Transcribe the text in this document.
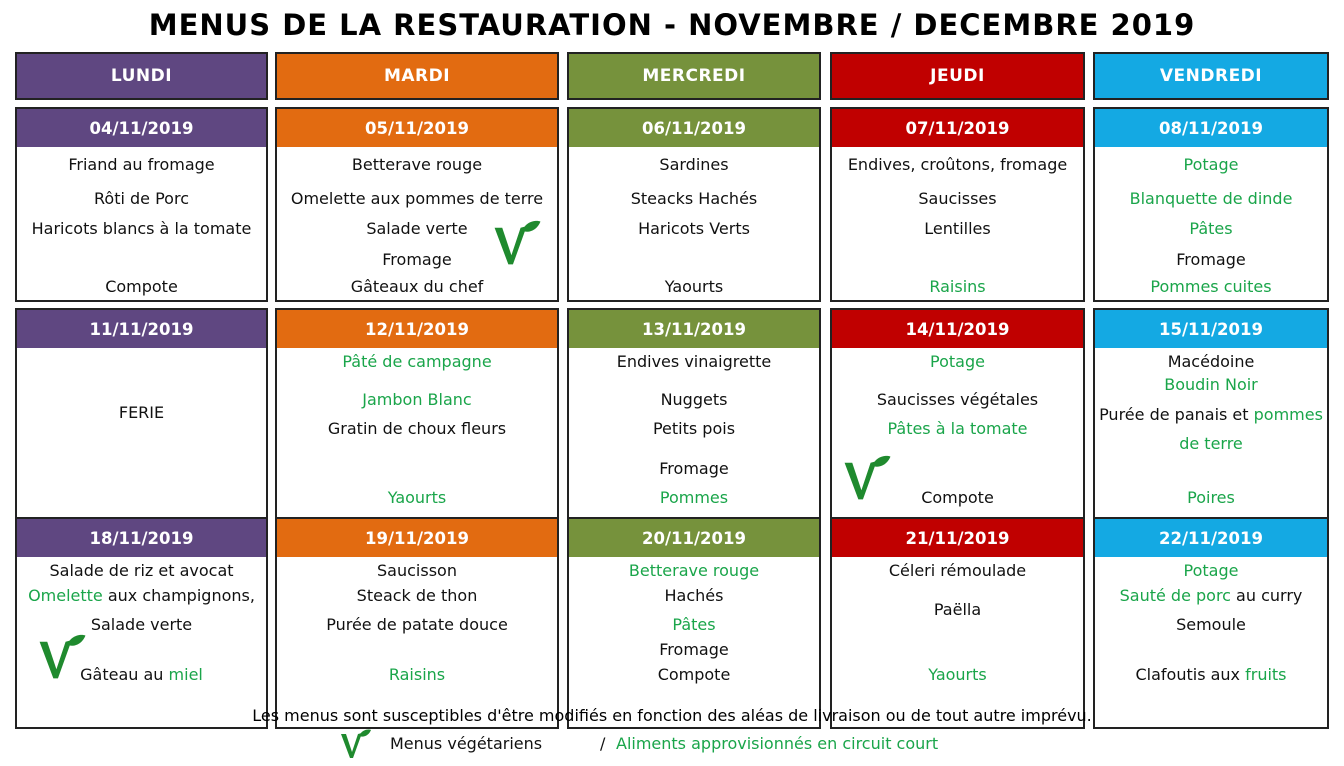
MENUS DE LA RESTAURATION - NOVEMBRE / DECEMBRE 2019
LUNDI	MARDI	MERCREDI	JEUDI	VENDREDI
04/11/2019
Friand au fromage
Rôti de Porc
Haricots blancs à la tomate
Compote
05/11/2019
Betterave rouge
Omelette aux pommes de terre
Salade verte
Fromage
Gâteaux du chef
06/11/2019
Sardines
Steacks Hachés
Haricots Verts
Yaourts
07/11/2019
Endives, croûtons, fromage
Saucisses
Lentilles
Raisins
08/11/2019
Potage
Blanquette de dinde
Pâtes
Fromage
Pommes cuites
11/11/2019
FERIE
12/11/2019
Pâté de campagne
Jambon Blanc
Gratin de choux fleurs
Yaourts
13/11/2019
Endives vinaigrette
Nuggets
Petits pois
Fromage
Pommes
14/11/2019
Potage
Saucisses végétales
Pâtes à la tomate
Compote
15/11/2019
Macédoine
Boudin Noir
Purée de panais et pommes
de terre
Poires
18/11/2019
Salade de riz et avocat
Omelette aux champignons,
Salade verte
Gâteau au miel
19/11/2019
Saucisson
Steack de thon
Purée de patate douce
Raisins
20/11/2019
Betterave rouge
Hachés
Pâtes
Fromage
Compote
21/11/2019
Céleri rémoulade
Paëlla
Yaourts
22/11/2019
Potage
Sauté de porc au curry
Semoule
Clafoutis aux fruits
Les menus sont susceptibles d'être modifiés en fonction des aléas de livraison ou de tout autre imprévu.
Menus végétariens	/ Aliments approvisionnés en circuit court
